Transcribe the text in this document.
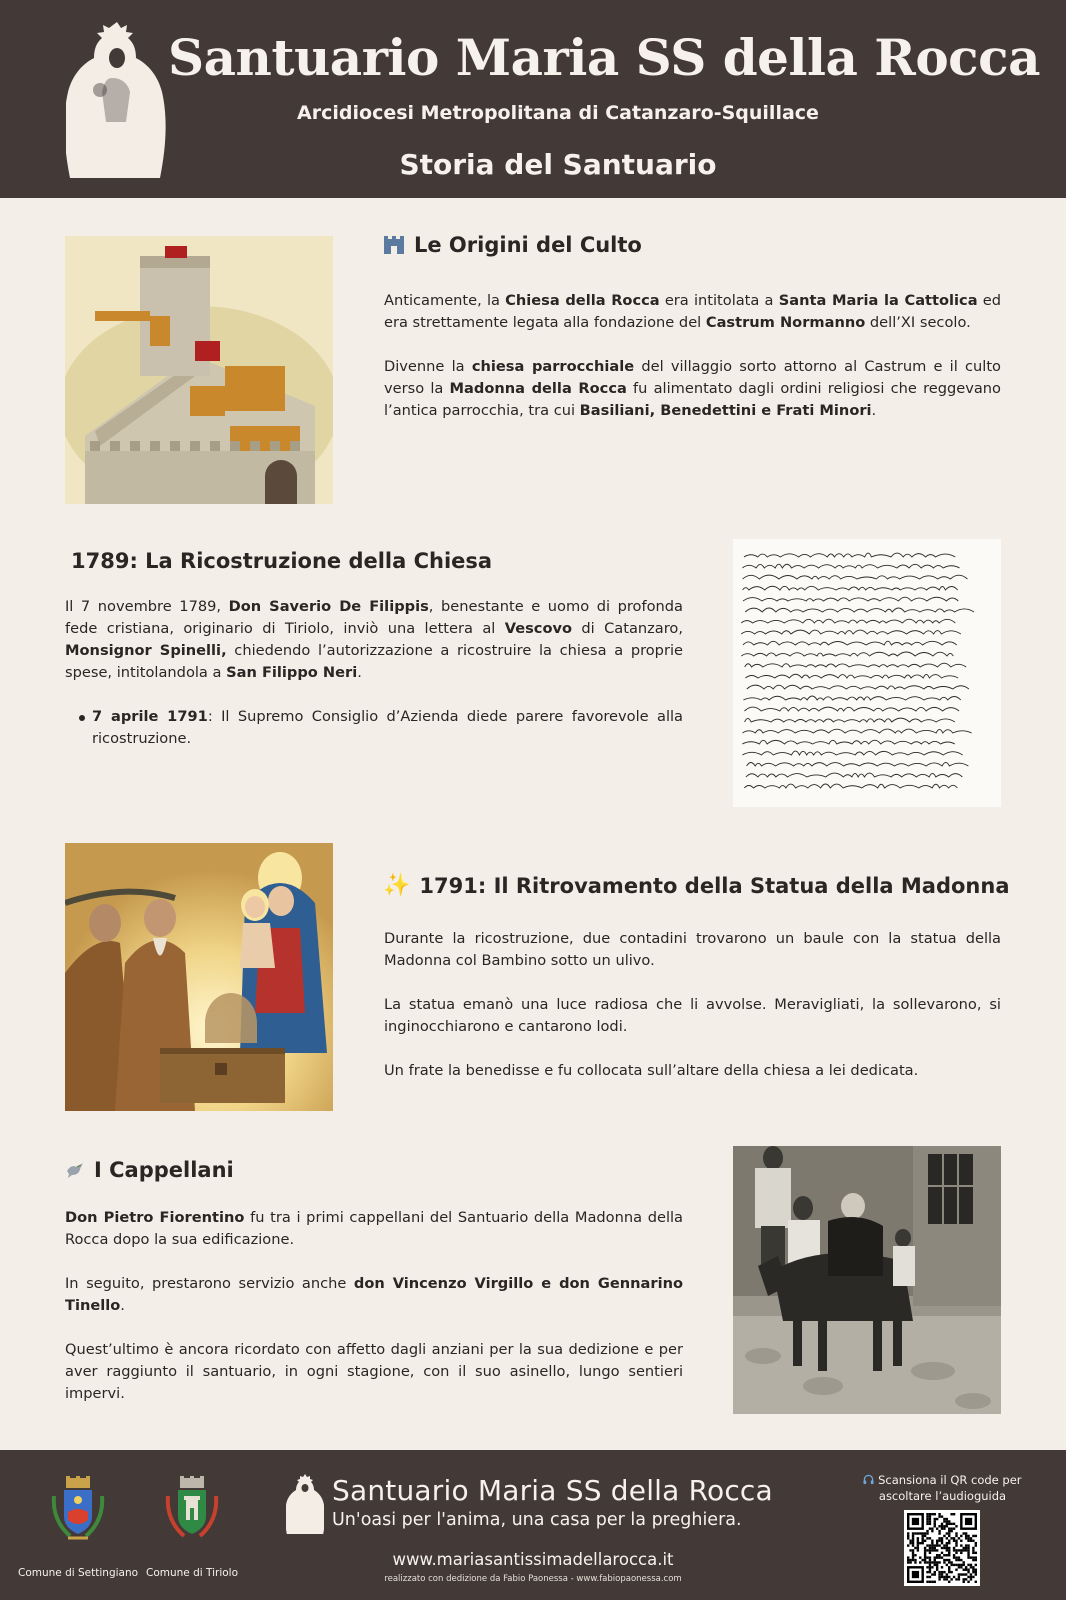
Santuario Maria SS della Rocca
Arcidiocesi Metropolitana di Catanzaro-Squillace
Storia del Santuario
Le Origini del Culto

Anticamente, la Chiesa della Rocca era intitolata a Santa Maria la Cattolica ed era strettamente legata alla fondazione del Castrum Normanno dell’XI secolo.

Divenne la chiesa parrocchiale del villaggio sorto attorno al Castrum e il culto verso la Madonna della Rocca fu alimentato dagli ordini religiosi che reggevano l’antica parrocchia, tra cui Basiliani, Benedettini e Frati Minori.

1789: La Ricostruzione della Chiesa

Il 7 novembre 1789, Don Saverio De Filippis, benestante e uomo di profonda fede cristiana, originario di Tiriolo, inviò una lettera al Vescovo di Catanzaro, Monsignor Spinelli, chiedendo l’autorizzazione a ricostruire la chiesa a proprie spese, intitolandola a San Filippo Neri.

7 aprile 1791: Il Supremo Consiglio d’Azienda diede parere favorevole alla ricostruzione.
✨ 1791: Il Ritrovamento della Statua della Madonna

Durante la ricostruzione, due contadini trovarono un baule con la statua della Madonna col Bambino sotto un ulivo.

La statua emanò una luce radiosa che li avvolse. Meravigliati, la sollevarono, si inginocchiarono e cantarono lodi.

Un frate la benedisse e fu collocata sull’altare della chiesa a lei dedicata.

I Cappellani

Don Pietro Fiorentino fu tra i primi cappellani del Santuario della Madonna della Rocca dopo la sua edificazione.

In seguito, prestarono servizio anche don Vincenzo Virgillo e don Gennarino Tinello.

Quest’ultimo è ancora ricordato con affetto dagli anziani per la sua dedizione e per aver raggiunto il santuario, in ogni stagione, con il suo asinello, lungo sentieri impervi.

Comune di Settingiano Comune di Tiriolo
Santuario Maria SS della Rocca
Un'oasi per l'anima, una casa per la preghiera.
www.mariasantissimadellarocca.it
realizzato con dedizione da Fabio Paonessa - www.fabiopaonessa.com
Scansiona il QR code per ascoltare l’audioguida
